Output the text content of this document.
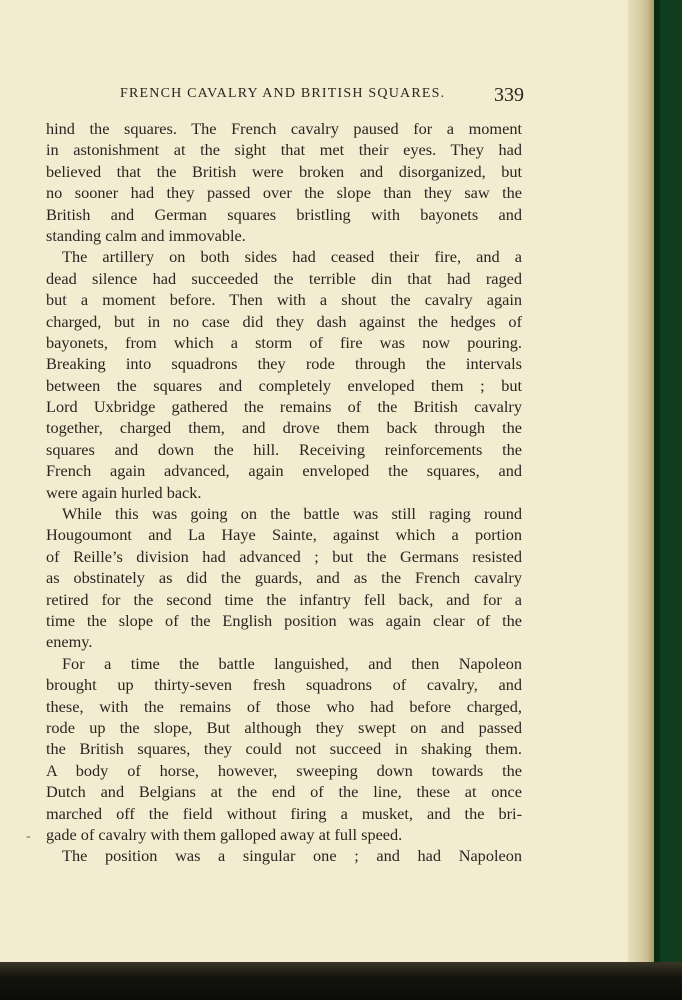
FRENCH CAVALRY AND BRITISH SQUARES. 339
hind the squares. The French cavalry paused for a moment
in astonishment at the sight that met their eyes. They had
believed that the British were broken and disorganized, but
no sooner had they passed over the slope than they saw the
British and German squares bristling with bayonets and
standing calm and immovable.
The artillery on both sides had ceased their fire, and a
dead silence had succeeded the terrible din that had raged
but a moment before. Then with a shout the cavalry again
charged, but in no case did they dash against the hedges of
bayonets, from which a storm of fire was now pouring.
Breaking into squadrons they rode through the intervals
between the squares and completely enveloped them ; but
Lord Uxbridge gathered the remains of the British cavalry
together, charged them, and drove them back through the
squares and down the hill. Receiving reinforcements the
French again advanced, again enveloped the squares, and
were again hurled back.
While this was going on the battle was still raging round
Hougoumont and La Haye Sainte, against which a portion
of Reille’s division had advanced ; but the Germans resisted
as obstinately as did the guards, and as the French cavalry
retired for the second time the infantry fell back, and for a
time the slope of the English position was again clear of the
enemy.
For a time the battle languished, and then Napoleon
brought up thirty-seven fresh squadrons of cavalry, and
these, with the remains of those who had before charged,
rode up the slope, But although they swept on and passed
the British squares, they could not succeed in shaking them.
A body of horse, however, sweeping down towards the
Dutch and Belgians at the end of the line, these at once
marched off the field without firing a musket, and the bri-
gade of cavalry with them galloped away at full speed.
The position was a singular one ; and had Napoleon
-
